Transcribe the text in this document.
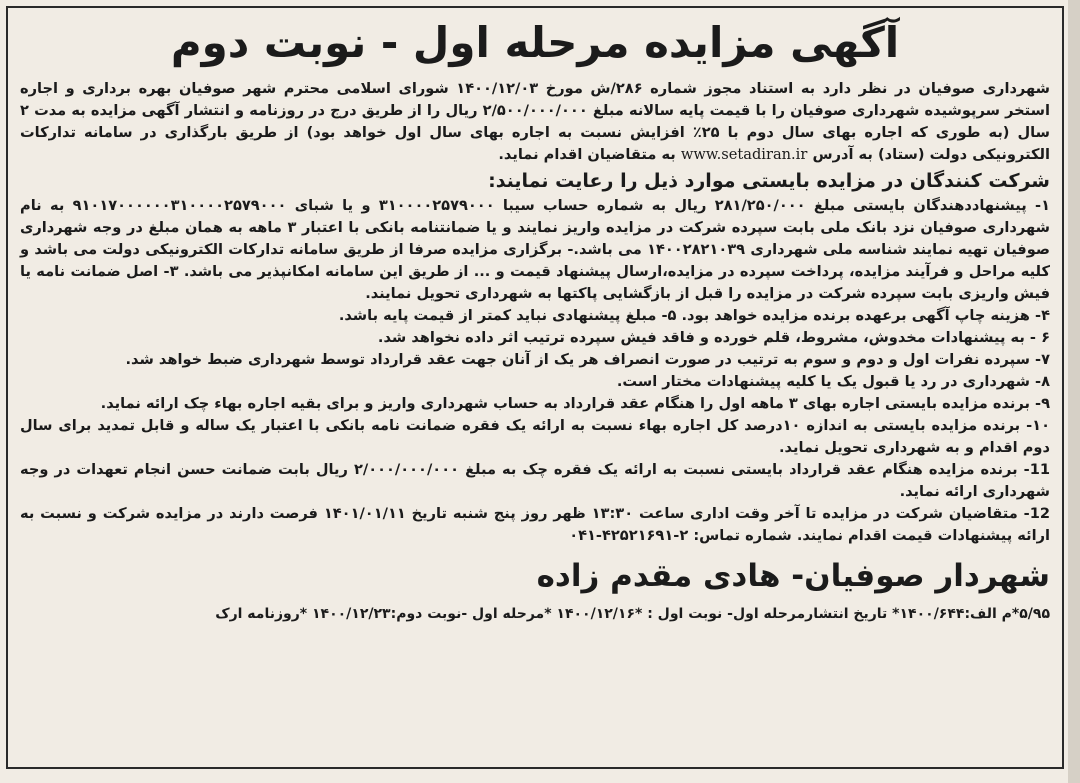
آگهی مزایده مرحله اول - نوبت دوم

شهرداری صوفیان در نظر دارد به استناد مجوز شماره ۲۸۶/ش مورخ ۱۴۰۰/۱۲/۰۳ شورای اسلامی محترم شهر صوفیان بهره برداری و اجاره استخر سرپوشیده شهرداری صوفیان را با قیمت پایه سالانه مبلغ ۲/۵۰۰/۰۰۰/۰۰۰ ریال را از طریق درج در روزنامه و انتشار آگهی مزایده به مدت ۲ سال (به طوری که اجاره بهای سال دوم با ۲۵٪ افزایش نسبت به اجاره بهای سال اول خواهد بود) از طریق بارگذاری در سامانه تدارکات الکترونیکی دولت (ستاد) به آدرس www.setadiran.ir به متقاضیان اقدام نماید.

شرکت کنندگان در مزایده بایستی موارد ذیل را رعایت نمایند:
۱- پیشنهاددهندگان بایستی مبلغ ۲۸۱/۲۵۰/۰۰۰ ریال به شماره حساب سیبا ۳۱۰۰۰۰۲۵۷۹۰۰۰ و یا شبای ۹۱۰۱۷۰۰۰۰۰۰۳۱۰۰۰۰۲۵۷۹۰۰۰ به نام شهرداری صوفیان نزد بانک ملی بابت سپرده شرکت در مزایده واریز نمایند و یا ضمانتنامه بانکی با اعتبار ۳ ماهه به همان مبلغ در وجه شهرداری صوفیان تهیه نمایند شناسه ملی شهرداری ۱۴۰۰۲۸۲۱۰۳۹ می باشد.- برگزاری مزایده صرفا از طریق سامانه تدارکات الکترونیکی دولت می باشد و کلیه مراحل و فرآیند مزایده، پرداخت سپرده در مزایده،ارسال پیشنهاد قیمت و ... از طریق این سامانه امکانپذیر می باشد. ۳- اصل ضمانت نامه یا فیش واریزی بابت سپرده شرکت در مزایده را قبل از بازگشایی پاکتها به شهرداری تحویل نمایند.
۴- هزینه چاپ آگهی برعهده برنده مزایده خواهد بود. ۵- مبلغ پیشنهادی نباید کمتر از قیمت پایه باشد.
۶ - به پیشنهادات مخدوش، مشروط، قلم خورده و فاقد فیش سپرده ترتیب اثر داده نخواهد شد.
۷- سپرده نفرات اول و دوم و سوم به ترتیب در صورت انصراف هر یک از آنان جهت عقد قرارداد توسط شهرداری ضبط خواهد شد.
۸- شهرداری در رد یا قبول یک یا کلیه پیشنهادات مختار است.
۹- برنده مزایده بایستی اجاره بهای ۳ ماهه اول را هنگام عقد قرارداد به حساب شهرداری واریز و برای بقیه اجاره بهاء چک ارائه نماید.
۱۰- برنده مزایده بایستی به اندازه ۱۰درصد کل اجاره بهاء نسبت به ارائه یک فقره ضمانت نامه بانکی با اعتبار یک ساله و قابل تمدید برای سال دوم اقدام و به شهرداری تحویل نماید.
11- برنده مزایده هنگام عقد قرارداد بایستی نسبت به ارائه یک فقره چک به مبلغ ۲/۰۰۰/۰۰۰/۰۰۰ ریال بابت ضمانت حسن انجام تعهدات در وجه شهرداری ارائه نماید.
12- متقاضیان شرکت در مزایده تا آخر وقت اداری ساعت ۱۳:۳۰ ظهر روز پنج شنبه تاریخ ۱۴۰۱/۰۱/۱۱ فرصت دارند در مزایده شرکت و نسبت به ارائه پیشنهادات قیمت اقدام نمایند. شماره تماس: ۲-۴۲۵۲۱۶۹۱-۰۴۱
شهردار صوفیان- هادی مقدم زاده
۵/۹۵*م الف:۱۴۰۰/۶۴۴* تاریخ انتشارمرحله اول- نوبت اول : *۱۴۰۰/۱۲/۱۶ *مرحله اول -نوبت دوم:۱۴۰۰/۱۲/۲۳ *روزنامه ارک
